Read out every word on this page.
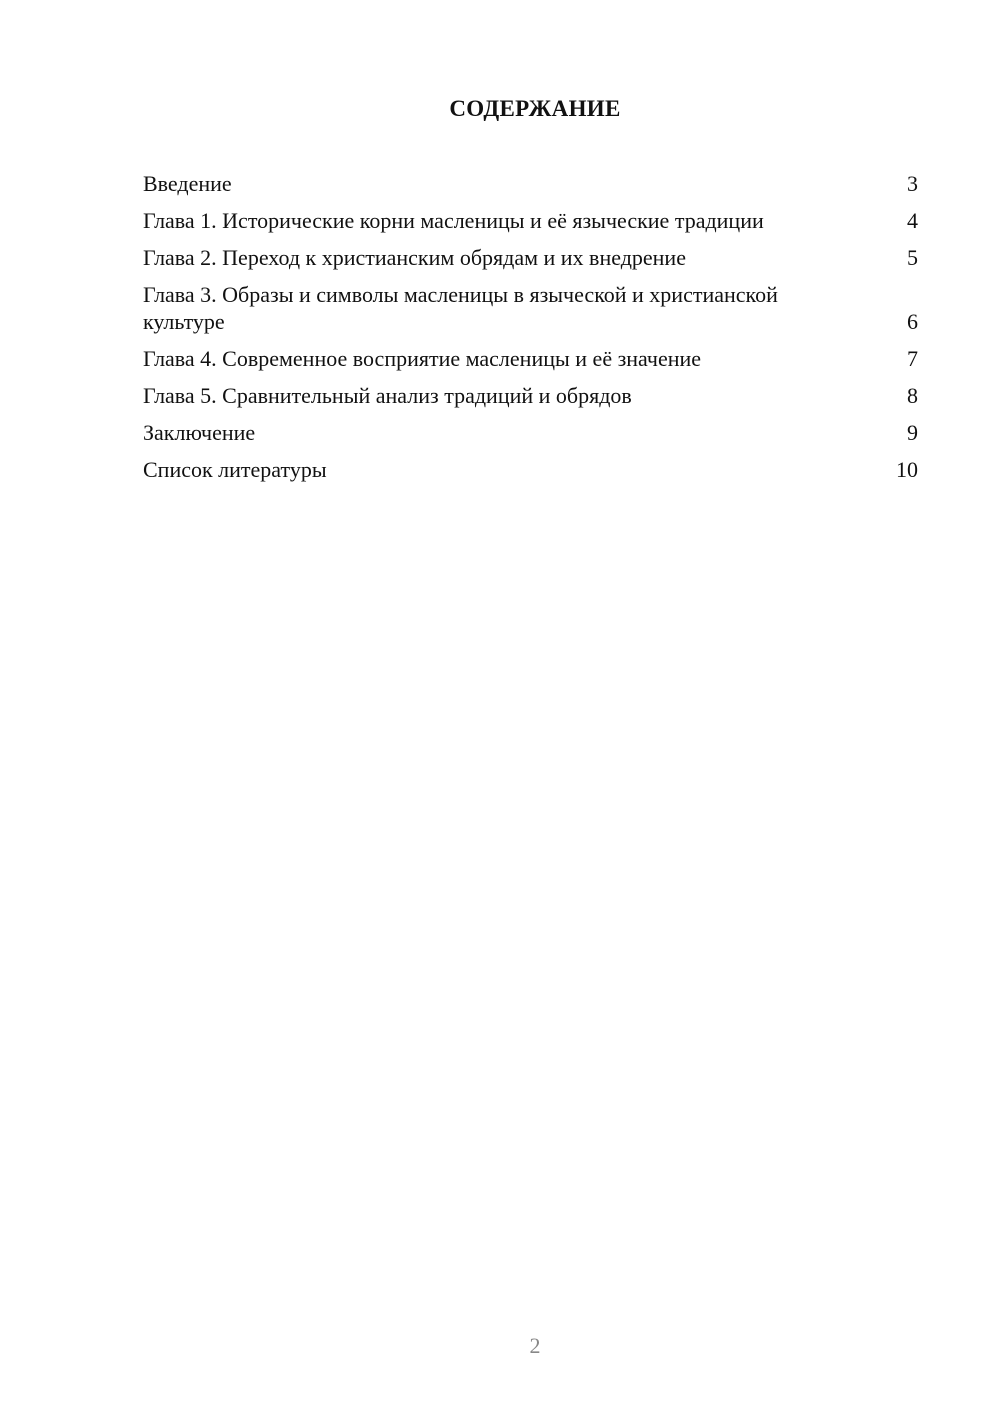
СОДЕРЖАНИЕ
Введение	3
Глава 1. Исторические корни масленицы и её языческие традиции	4
Глава 2. Переход к христианским обрядам и их внедрение	5
Глава 3. Образы и символы масленицы в языческой и христианской культуре	6
Глава 4. Современное восприятие масленицы и её значение	7
Глава 5. Сравнительный анализ традиций и обрядов	8
Заключение	9
Список литературы	10
2
